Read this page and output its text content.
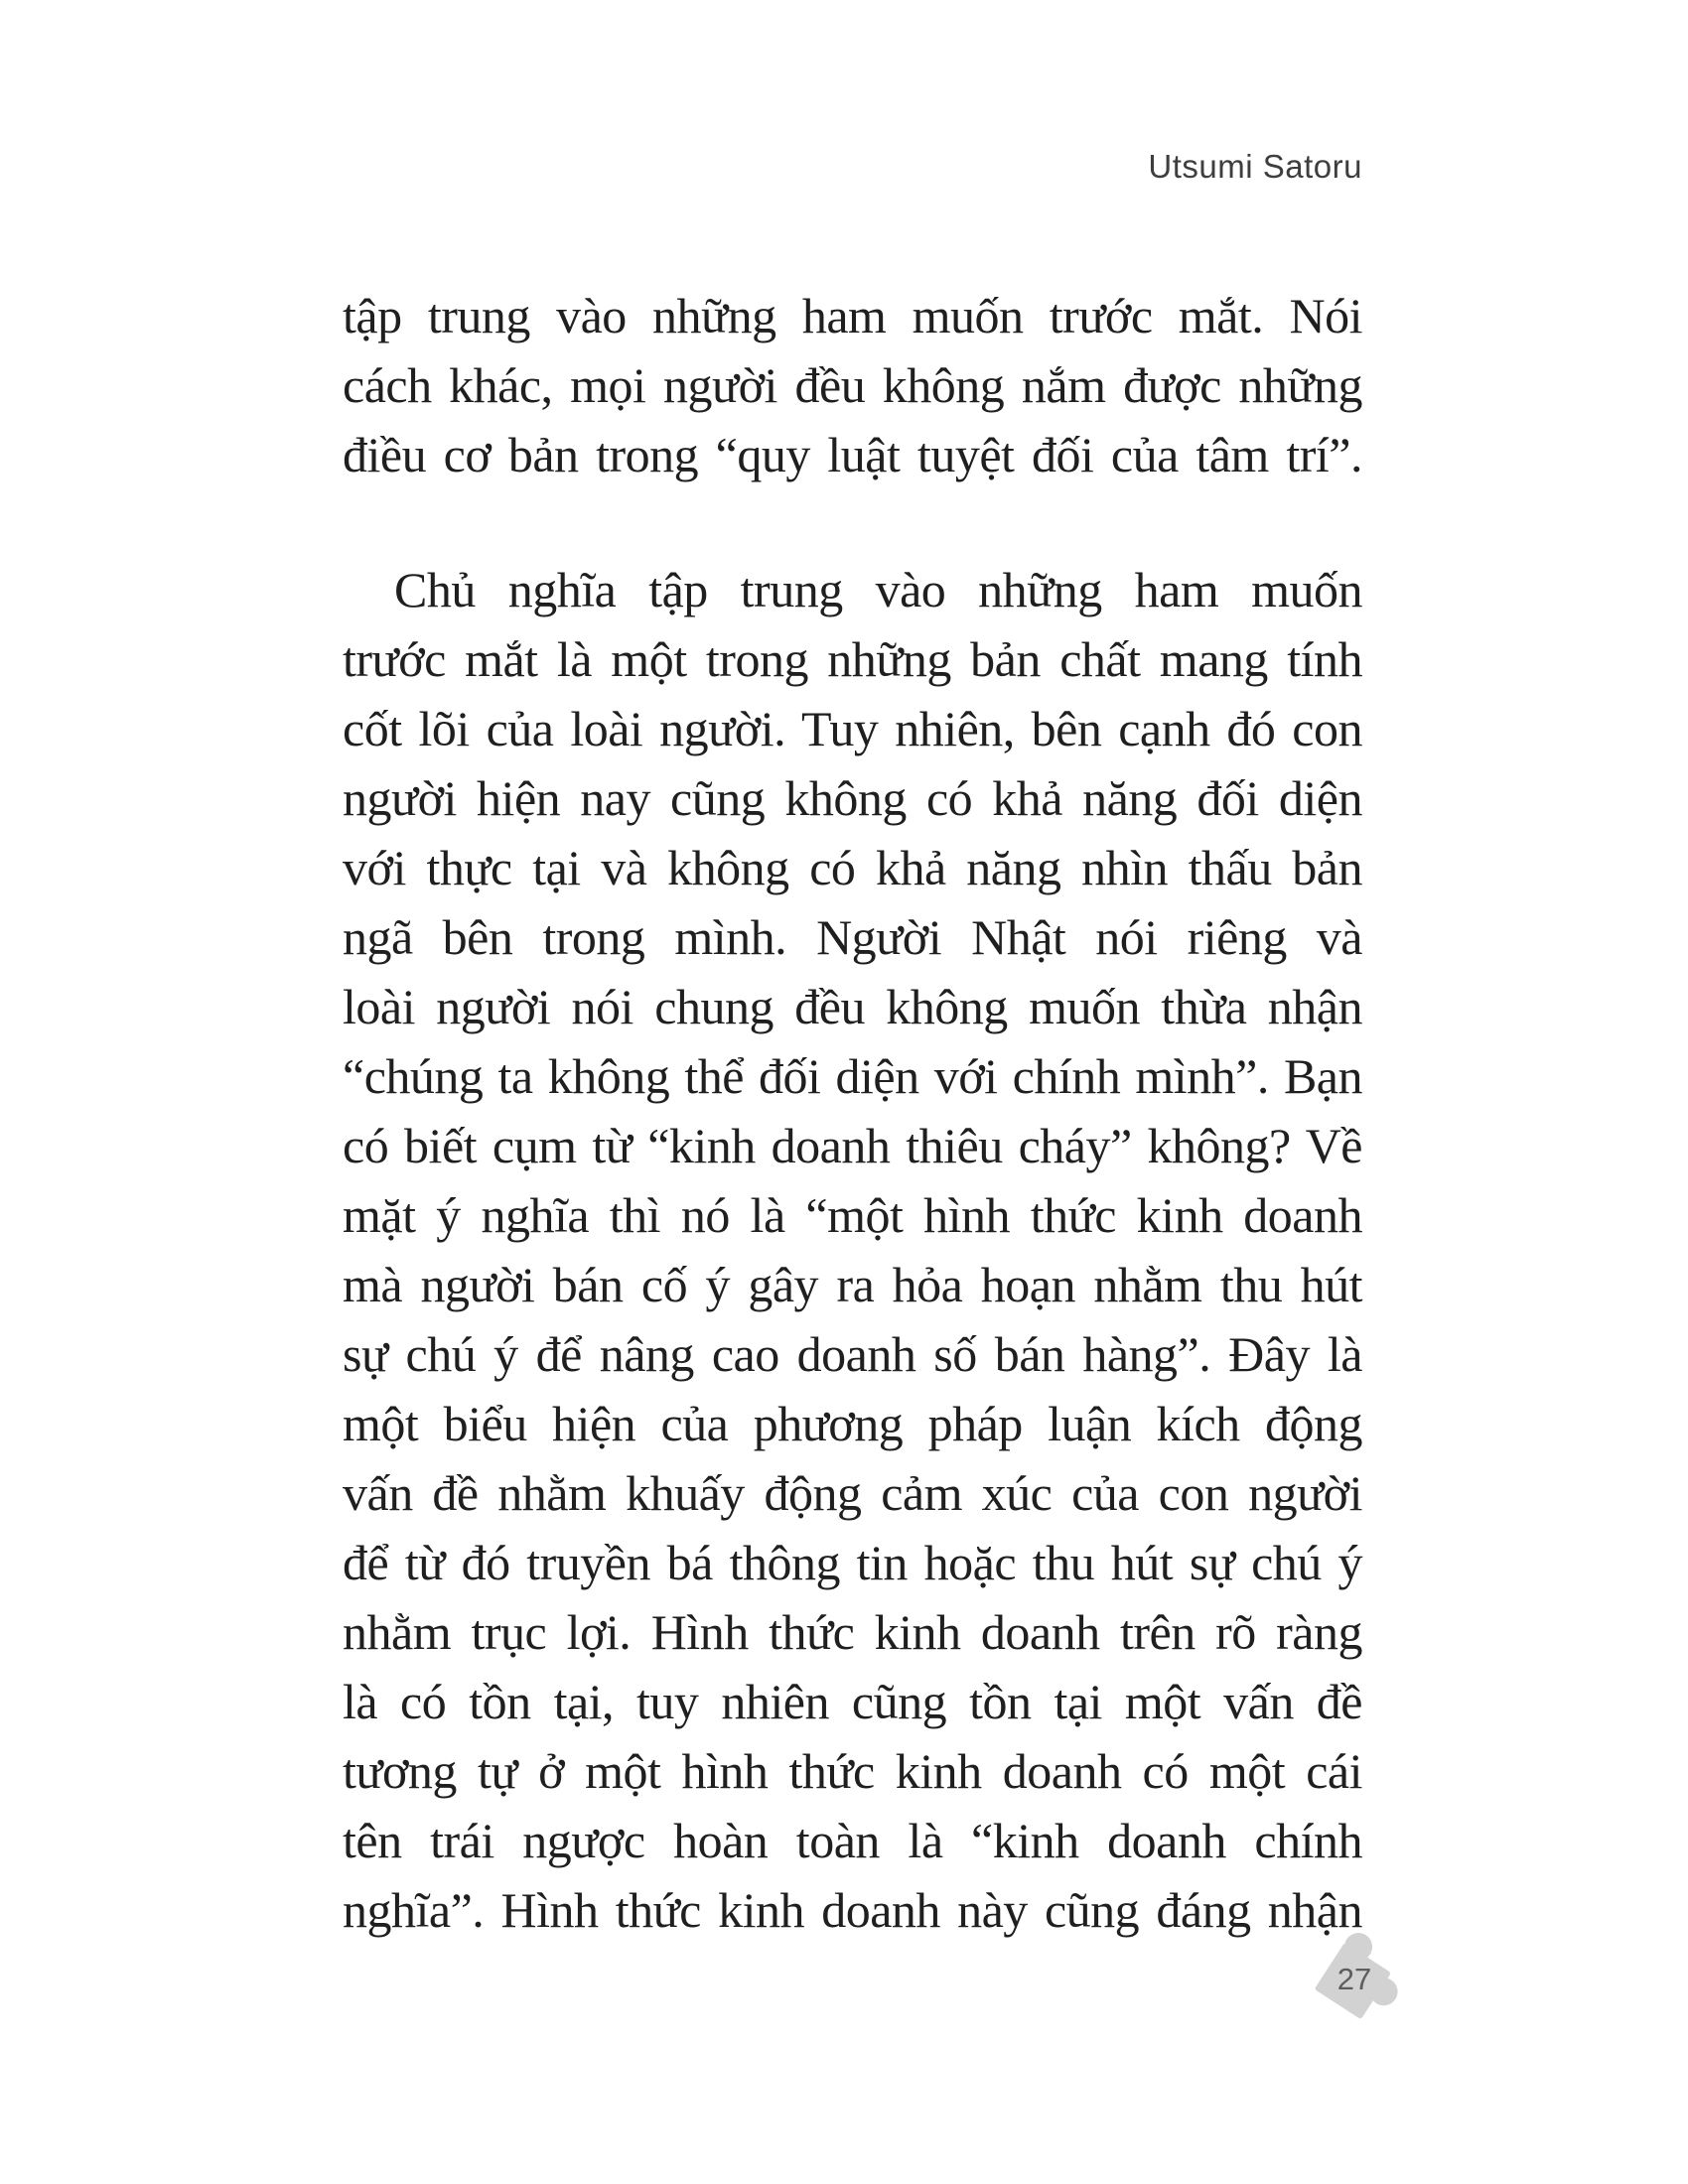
Utsumi Satoru
tập trung vào những ham muốn trước mắt. Nói
cách khác, mọi người đều không nắm được những
điều cơ bản trong “quy luật tuyệt đối của tâm trí”.
Chủ nghĩa tập trung vào những ham muốn
trước mắt là một trong những bản chất mang tính
cốt lõi của loài người. Tuy nhiên, bên cạnh đó con
người hiện nay cũng không có khả năng đối diện
với thực tại và không có khả năng nhìn thấu bản
ngã bên trong mình. Người Nhật nói riêng và
loài người nói chung đều không muốn thừa nhận
“chúng ta không thể đối diện với chính mình”. Bạn
có biết cụm từ “kinh doanh thiêu cháy” không? Về
mặt ý nghĩa thì nó là “một hình thức kinh doanh
mà người bán cố ý gây ra hỏa hoạn nhằm thu hút
sự chú ý để nâng cao doanh số bán hàng”. Đây là
một biểu hiện của phương pháp luận kích động
vấn đề nhằm khuấy động cảm xúc của con người
để từ đó truyền bá thông tin hoặc thu hút sự chú ý
nhằm trục lợi. Hình thức kinh doanh trên rõ ràng
là có tồn tại, tuy nhiên cũng tồn tại một vấn đề
tương tự ở một hình thức kinh doanh có một cái
tên trái ngược hoàn toàn là “kinh doanh chính
nghĩa”. Hình thức kinh doanh này cũng đáng nhận
27
